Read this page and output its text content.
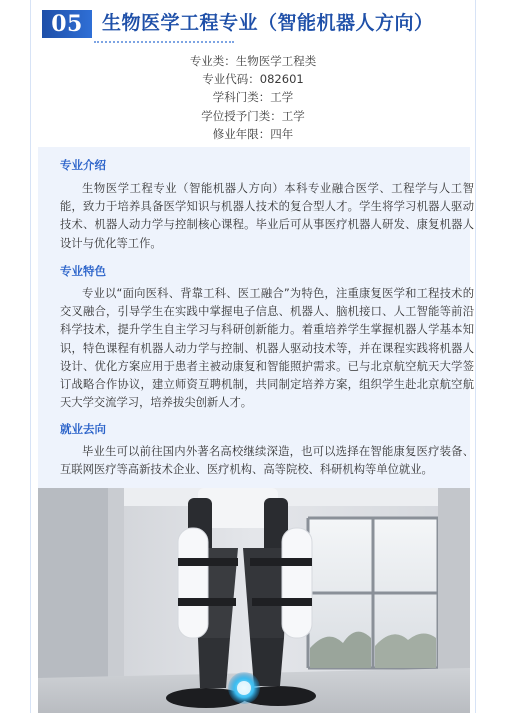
05	生物医学工程专业（智能机器人方向）
专业类：生物医学工程类
专业代码：082601
学科门类：工学
学位授予门类：工学
修业年限：四年
专业介绍
生物医学工程专业（智能机器人方向）本科专业融合医学、工程学与人工智能，致力于培养具备医学知识与机器人技术的复合型人才。学生将学习机器人驱动技术、机器人动力学与控制核心课程。毕业后可从事医疗机器人研发、康复机器人设计与优化等工作。
专业特色
专业以“面向医科、背靠工科、医工融合”为特色，注重康复医学和工程技术的交叉融合，引导学生在实践中掌握电子信息、机器人、脑机接口、人工智能等前沿科学技术，提升学生自主学习与科研创新能力。着重培养学生掌握机器人学基本知识，特色课程有机器人动力学与控制、机器人驱动技术等，并在课程实践将机器人设计、优化方案应用于患者主被动康复和智能照护需求。已与北京航空航天大学签订战略合作协议，建立师资互聘机制，共同制定培养方案，组织学生赴北京航空航天大学交流学习，培养拔尖创新人才。
就业去向
毕业生可以前往国内外著名高校继续深造，也可以选择在智能康复医疗装备、互联网医疗等高新技术企业、医疗机构、高等院校、科研机构等单位就业。
